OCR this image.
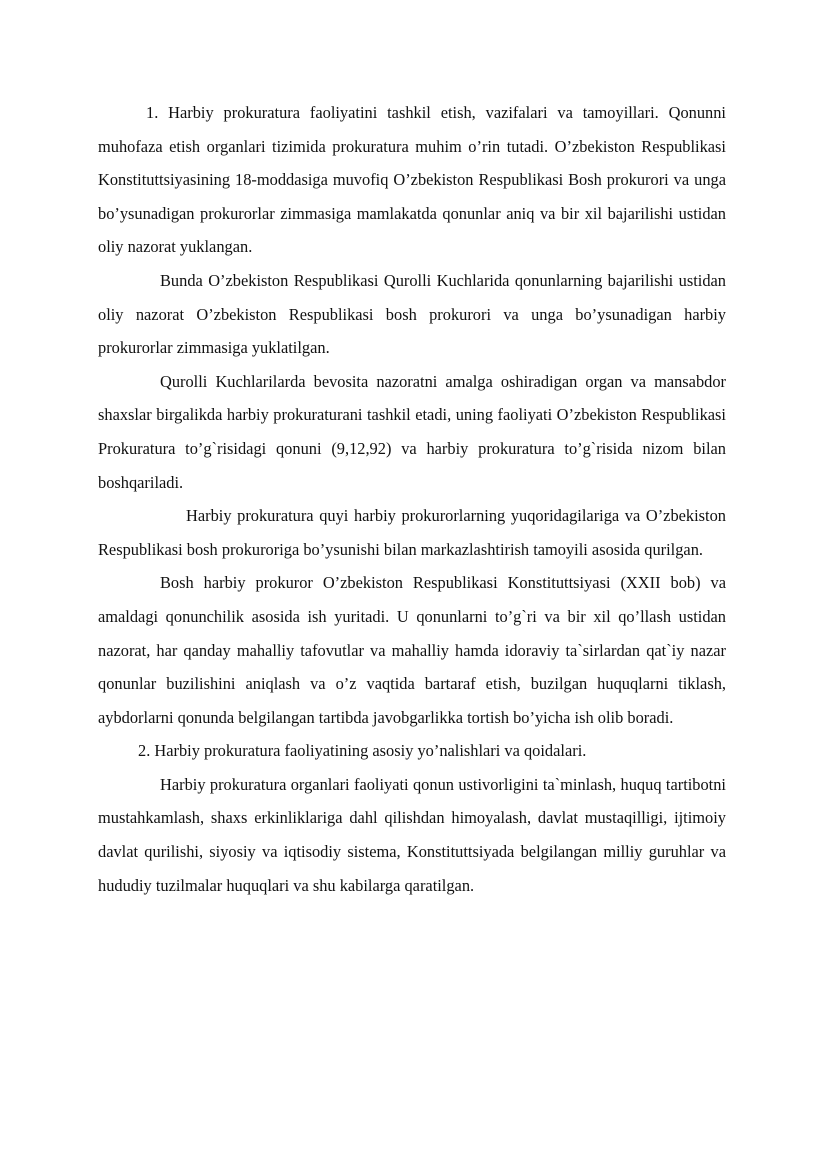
1. Harbiy prokuratura faoliyatini tashkil etish, vazifalari va tamoyillari. Qonunni muhofaza etish organlari tizimida prokuratura muhim o’rin tutadi. O’zbekiston Respublikasi Konstituttsiyasining 18-moddasiga muvofiq O’zbekiston Respublikasi Bosh prokurori va unga bo’ysunadigan prokurorlar zimmasiga mamlakatda qonunlar aniq va bir xil bajarilishi ustidan oliy nazorat yuklangan.

Bunda O’zbekiston Respublikasi Qurolli Kuchlarida qonunlarning bajarilishi ustidan oliy nazorat O’zbekiston Respublikasi bosh prokurori va unga bo’ysunadigan harbiy prokurorlar zimmasiga yuklatilgan.

Qurolli Kuchlarilarda bevosita nazoratni amalga oshiradigan organ va mansabdor shaxslar birgalikda harbiy prokuraturani tashkil etadi, uning faoliyati O’zbekiston Respublikasi Prokuratura to’g`risidagi qonuni (9,12,92) va harbiy prokuratura to’g`risida nizom bilan boshqariladi.

Harbiy prokuratura quyi harbiy prokurorlarning yuqoridagilariga va O’zbekiston Respublikasi bosh prokuroriga bo’ysunishi bilan markazlashtirish tamoyili asosida qurilgan.

Bosh harbiy prokuror O’zbekiston Respublikasi Konstituttsiyasi (XXII bob) va amaldagi qonunchilik asosida ish yuritadi. U qonunlarni to’g`ri va bir xil qo’llash ustidan nazorat, har qanday mahalliy tafovutlar va mahalliy hamda idoraviy ta`sirlardan qat`iy nazar qonunlar buzilishini aniqlash va o’z vaqtida bartaraf etish, buzilgan huquqlarni tiklash, aybdorlarni qonunda belgilangan tartibda javobgarlikka tortish bo’yicha ish olib boradi.

2. Harbiy prokuratura faoliyatining asosiy yo’nalishlari va qoidalari.

Harbiy prokuratura organlari faoliyati qonun ustivorligini ta`minlash, huquq tartibotni mustahkamlash, shaxs erkinliklariga dahl qilishdan himoyalash, davlat mustaqilligi, ijtimoiy davlat qurilishi, siyosiy va iqtisodiy sistema, Konstituttsiyada belgilangan milliy guruhlar va hududiy tuzilmalar huquqlari va shu kabilarga qaratilgan.
